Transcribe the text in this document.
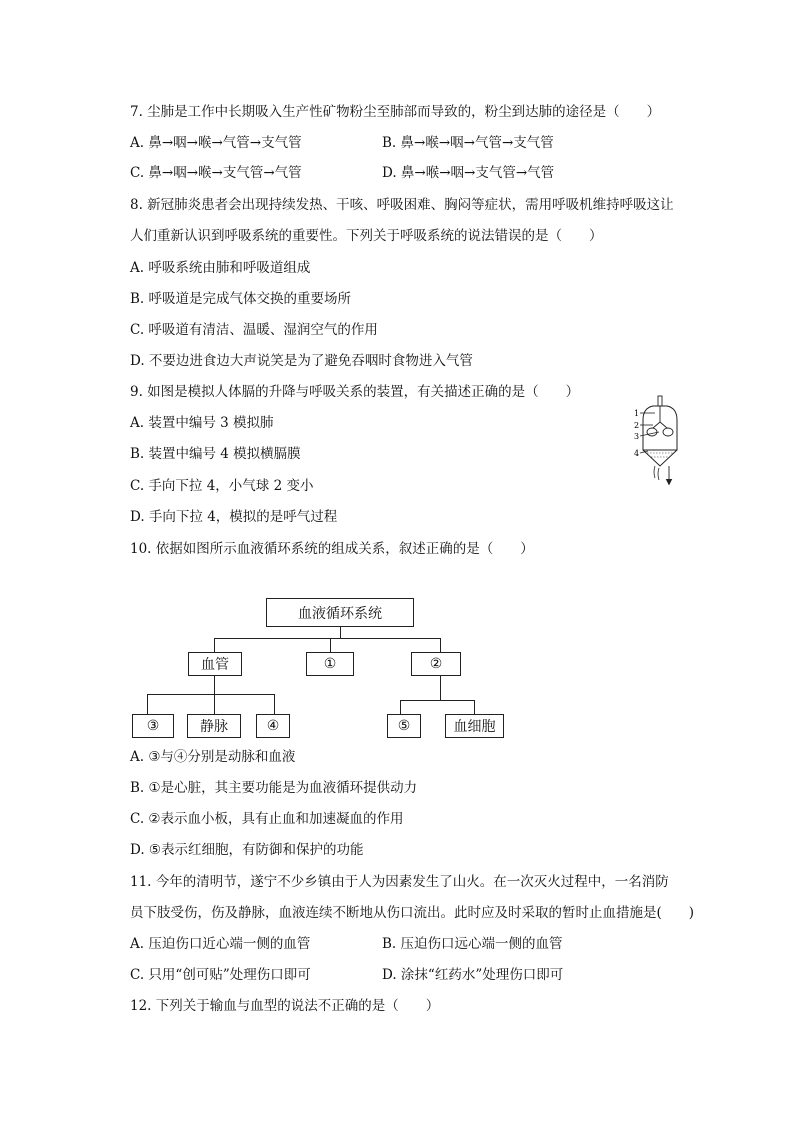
7. 尘肺是工作中长期吸入生产性矿物粉尘至肺部而导致的，粉尘到达肺的途径是（　　）
A. 鼻→咽→喉→气管→支气管	B. 鼻→喉→咽→气管→支气管
C. 鼻→咽→喉→支气管→气管	D. 鼻→喉→咽→支气管→气管
8. 新冠肺炎患者会出现持续发热、干咳、呼吸困难、胸闷等症状，需用呼吸机维持呼吸这让
人们重新认识到呼吸系统的重要性。下列关于呼吸系统的说法错误的是（　　）
A. 呼吸系统由肺和呼吸道组成
B. 呼吸道是完成气体交换的重要场所
C. 呼吸道有清洁、温暖、湿润空气的作用
D. 不要边进食边大声说笑是为了避免吞咽时食物进入气管
9. 如图是模拟人体膈的升降与呼吸关系的装置，有关描述正确的是（　　）
A. 装置中编号 3 模拟肺
B. 装置中编号 4 模拟横膈膜
C. 手向下拉 4，小气球 2 变小
D. 手向下拉 4，模拟的是呼气过程
1
2
3
4
10. 依据如图所示血液循环系统的组成关系，叙述正确的是（　　）
血液循环系统
血管	①	②
③	静脉	④	⑤	血细胞
A. ③与④分别是动脉和血液
B. ①是心脏，其主要功能是为血液循环提供动力
C. ②表示血小板，具有止血和加速凝血的作用
D. ⑤表示红细胞，有防御和保护的功能
11. 今年的清明节，遂宁不少乡镇由于人为因素发生了山火。在一次灭火过程中，一名消防
员下肢受伤，伤及静脉，血液连续不断地从伤口流出。此时应及时采取的暂时止血措施是(　　)
A. 压迫伤口近心端一侧的血管	B. 压迫伤口远心端一侧的血管
C. 只用“创可贴”处理伤口即可	D. 涂抹“红药水”处理伤口即可
12. 下列关于输血与血型的说法不正确的是（　　）
